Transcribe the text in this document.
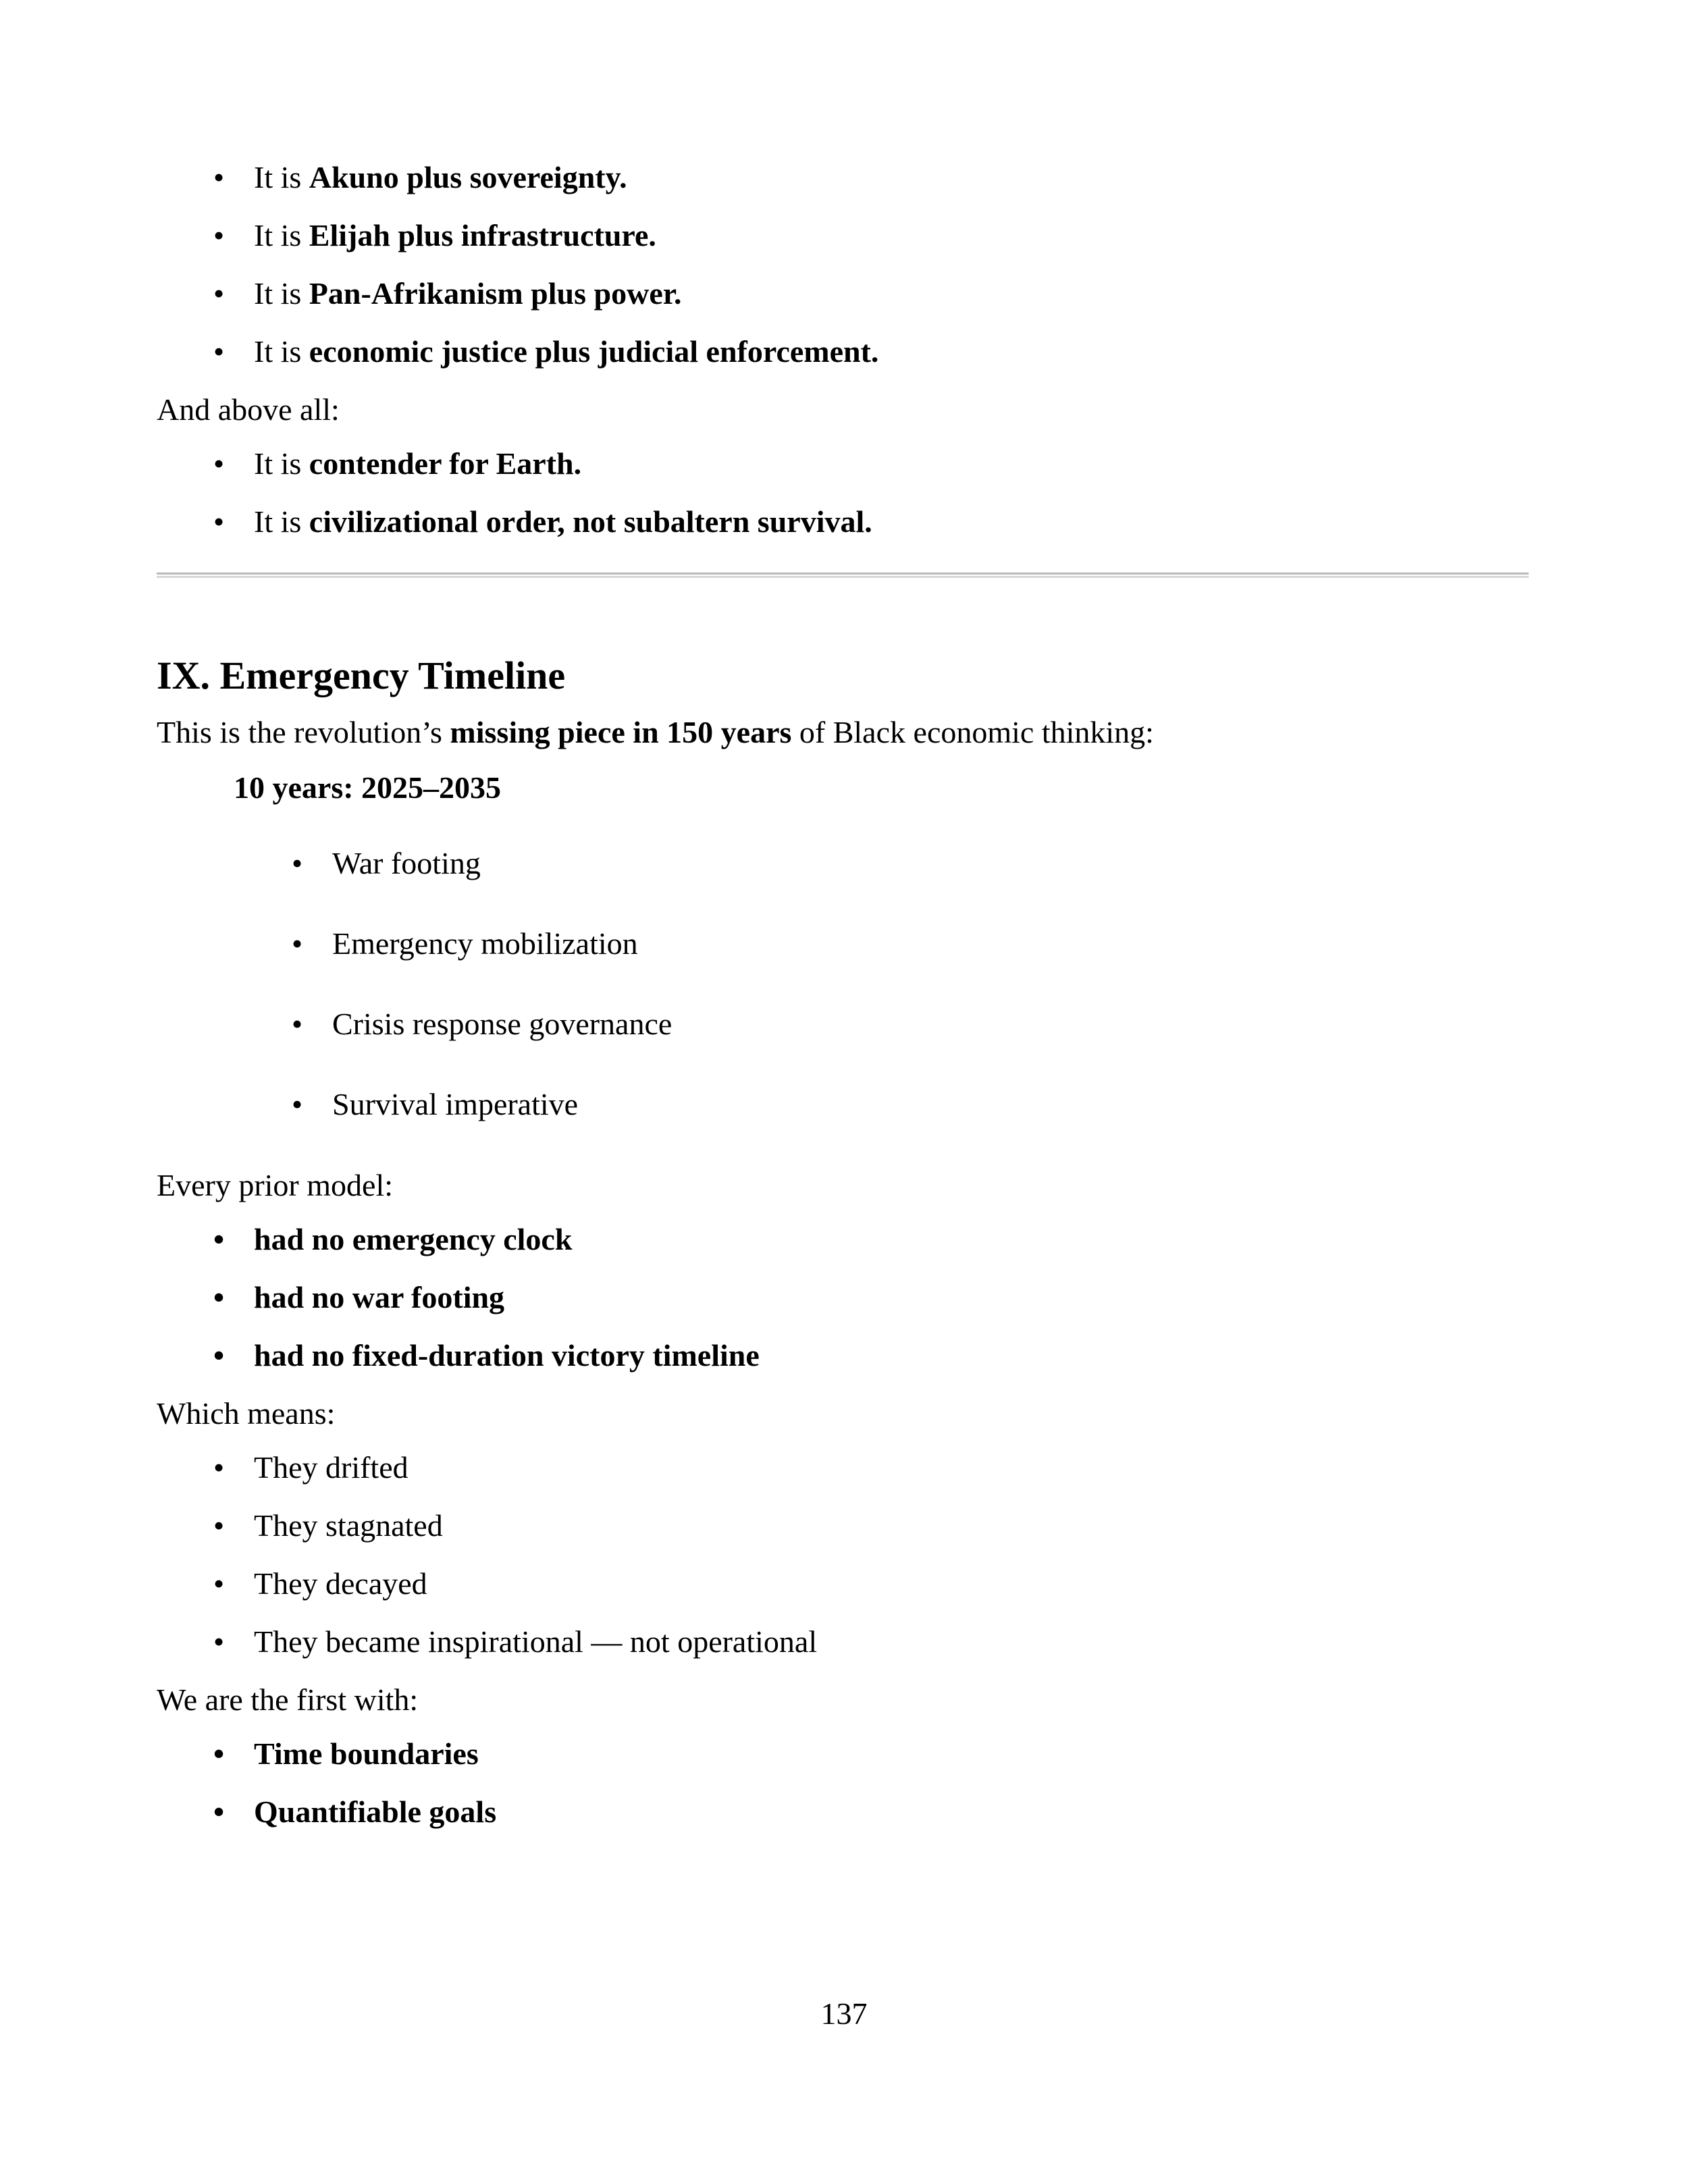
• It is Akuno plus sovereignty.
• It is Elijah plus infrastructure.
• It is Pan-Afrikanism plus power.
• It is economic justice plus judicial enforcement.
And above all:
• It is contender for Earth.
• It is civilizational order, not subaltern survival.
IX. Emergency Timeline
This is the revolution’s missing piece in 150 years of Black economic thinking:
10 years: 2025–2035
• War footing
• Emergency mobilization
• Crisis response governance
• Survival imperative
Every prior model:
• had no emergency clock
• had no war footing
• had no fixed-duration victory timeline
Which means:
• They drifted
• They stagnated
• They decayed
• They became inspirational — not operational
We are the first with:
• Time boundaries
• Quantifiable goals
137
